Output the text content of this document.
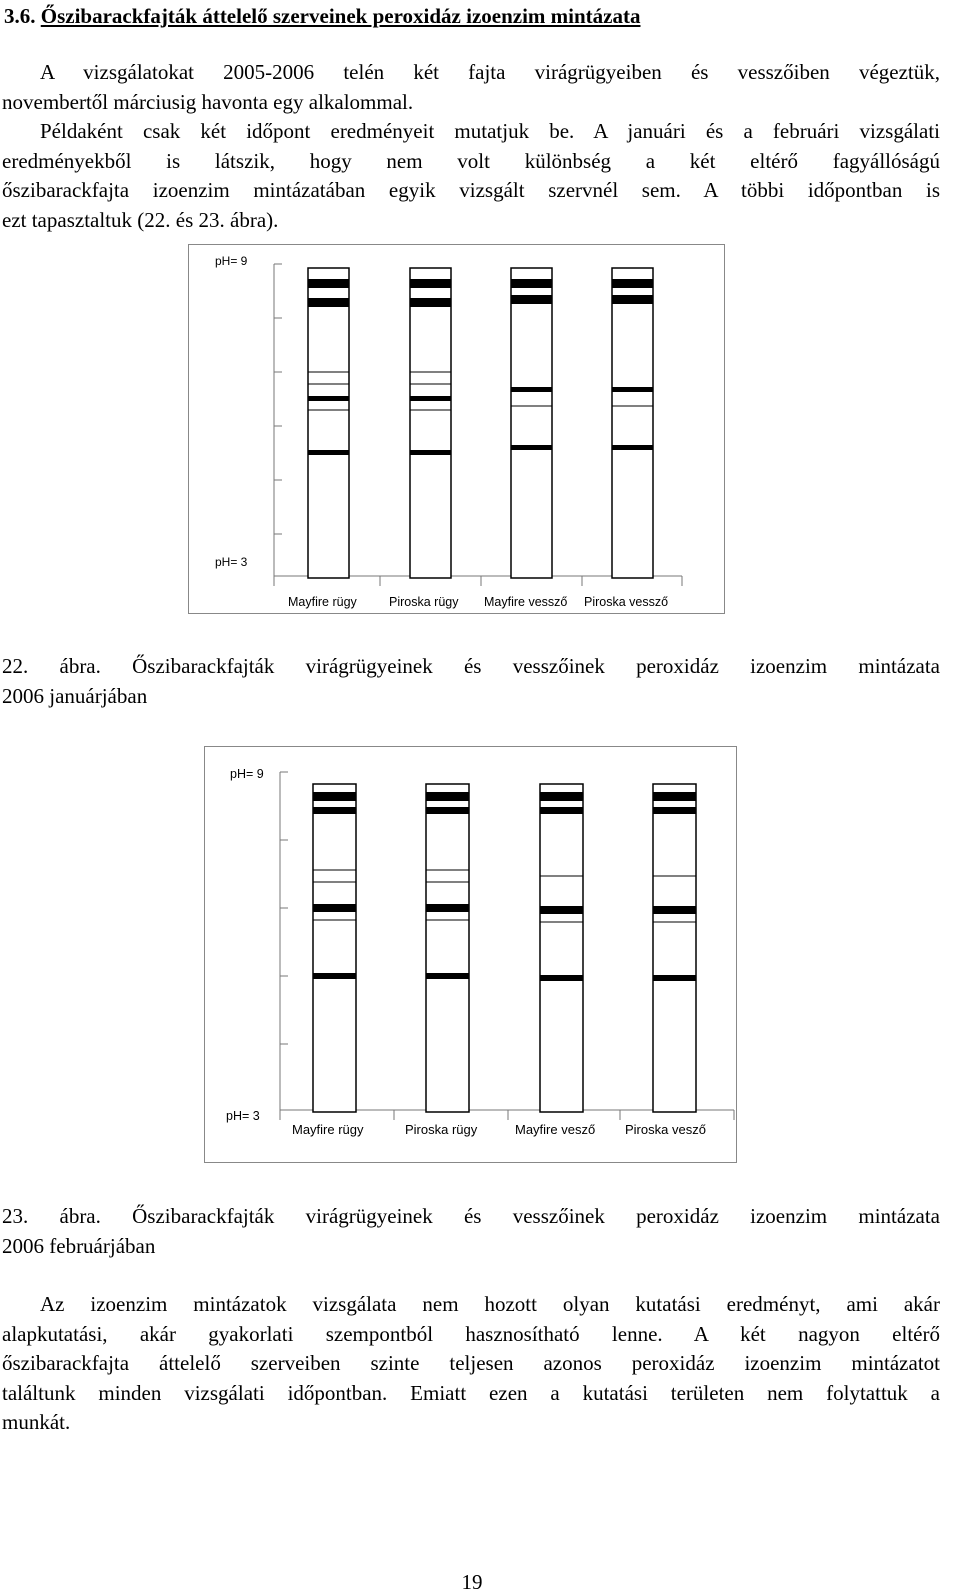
3.6. Őszibarackfajták áttelelő szerveinek peroxidáz izoenzim mintázata
A vizsgálatokat 2005-2006 telén két fajta virágrügyeiben és vesszőiben végeztük,
novembertől márciusig havonta egy alkalommal.
Példaként csak két időpont eredményeit mutatjuk be. A januári és a februári vizsgálati
eredményekből is látszik, hogy nem volt különbség a két eltérő fagyállóságú
őszibarackfajta izoenzim mintázatában egyik vizsgált szervnél sem. A többi időpontban is
ezt tapasztaltuk (22. és 23. ábra).
pH= 9
pH= 3
Mayfire rügy	Piroska rügy Mayfire vessző Piroska vessző
22. ábra. Őszibarackfajták virágrügyeinek és vesszőinek peroxidáz izoenzim mintázata
2006 januárjában
pH= 9
pH= 3
Mayfire rügy	Piroska rügy	Mayfire vesző Piroska vesző
23. ábra. Őszibarackfajták virágrügyeinek és vesszőinek peroxidáz izoenzim mintázata
2006 februárjában
Az izoenzim mintázatok vizsgálata nem hozott olyan kutatási eredményt, ami akár
alapkutatási, akár gyakorlati szempontból hasznosítható lenne. A két nagyon eltérő
őszibarackfajta áttelelő szerveiben szinte teljesen azonos peroxidáz izoenzim mintázatot
találtunk minden vizsgálati időpontban. Emiatt ezen a kutatási területen nem folytattuk a
munkát.
19
